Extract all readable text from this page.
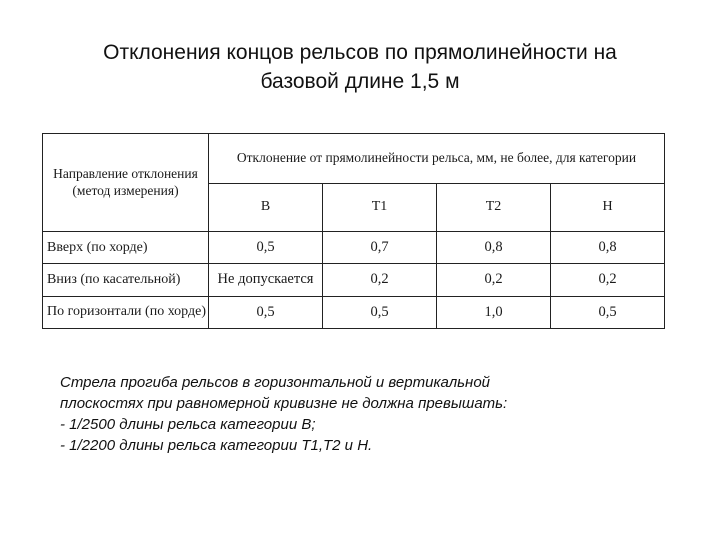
Отклонения концов рельсов по прямолинейности на
базовой длине 1,5 м
Направление отклонения (метод измерения)	Отклонение от прямолинейности рельса, мм, не более, для категории			
	В	Т1	Т2	Н
Вверх (по хорде)	0,5	0,7	0,8	0,8
Вниз (по касательной)	Не допускается	0,2	0,2	0,2
По горизонтали (по хорде)	0,5	0,5	1,0	0,5
Стрела прогиба рельсов в горизонтальной и вертикальной
плоскостях при равномерной кривизне не должна превышать:
- 1/2500 длины рельса категории В;
- 1/2200 длины рельса категории Т1,Т2 и Н.
